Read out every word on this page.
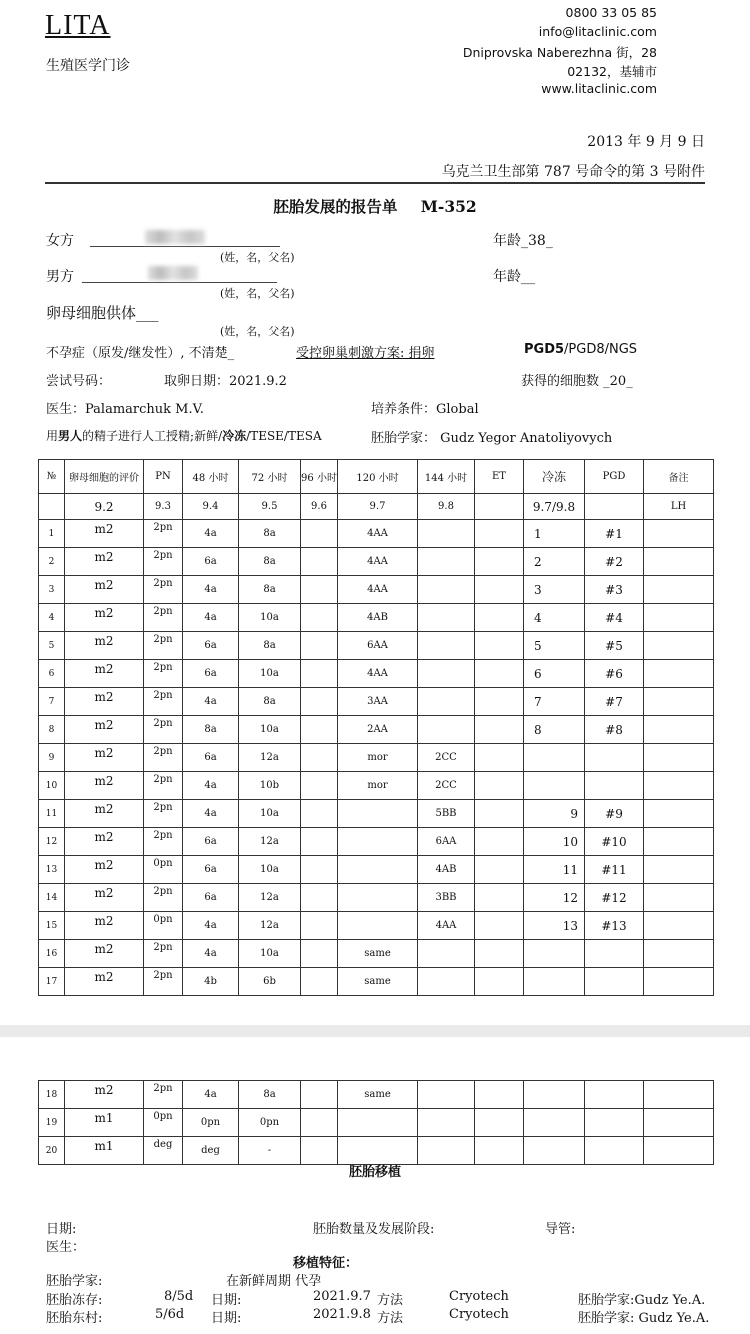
LITA
生殖医学门诊
0800 33 05 85
info@litaclinic.com
Dniprovska Naberezhna 街，28
02132，基辅市
www.litaclinic.com
2013 年 9 月 9 日
乌克兰卫生部第 787 号命令的第 3 号附件
胚胎发展的报告单 M-352
女方
(姓，名，父名)
年龄_38_
男方
(姓，名，父名)
年龄__
卵母细胞供体___
(姓，名，父名)
不孕症（原发/继发性）, 不清楚_	受控卵巢刺激方案: 捐卵	PGD5/PGD8/NGS
尝试号码：	取卵日期：2021.9.2	获得的细胞数 _20_
医生：Palamarchuk M.V.	培养条件：Global
用男人的精子进行人工授精;新鲜/冷冻/TESE/TESA	胚胎学家： Gudz Yegor Anatoliyovych
№	卵母细胞的评价	PN	48 小时	72 小时	96 小时	120 小时	144 小时	ET	冷冻	PGD	备注
	9.2	9.3	9.4	9.5	9.6	9.7	9.8		9.7/9.8		LH
1	m2	2pn	4a	8a		4AA			1	#1	
2	m2	2pn	6a	8a		4AA			2	#2	
3	m2	2pn	4a	8a		4AA			3	#3	
4	m2	2pn	4a	10a		4AB			4	#4	
5	m2	2pn	6a	8a		6AA			5	#5	
6	m2	2pn	6a	10a		4AA			6	#6	
7	m2	2pn	4a	8a		3AA			7	#7	
8	m2	2pn	8a	10a		2AA			8	#8	
9	m2	2pn	6a	12a		mor	2CC				
10	m2	2pn	4a	10b		mor	2CC				
11	m2	2pn	4a	10a			5BB		9	#9	
12	m2	2pn	6a	12a			6AA		10	#10	
13	m2	0pn	6a	10a			4AB		11	#11	
14	m2	2pn	6a	12a			3BB		12	#12	
15	m2	0pn	4a	12a			4AA		13	#13	
16	m2	2pn	4a	10a		same					
17	m2	2pn	4b	6b		same					
18	m2	2pn	4a	8a		same					
19	m1	0pn	0pn	0pn							
20	m1	deg	deg	-							
胚胎移植
日期:	胚胎数量及发展阶段:	导管:
医生：
移植特征：
胚胎学家:	在新鲜周期 代孕
胚胎冻存:	8/5d 日期:	2021.9.7 方法	Cryotech	胚胎学家:Gudz Ye.A.
胚胎东村:	5/6d 日期:	2021.9.8 方法	Cryotech	胚胎学家: Gudz Ye.A.
